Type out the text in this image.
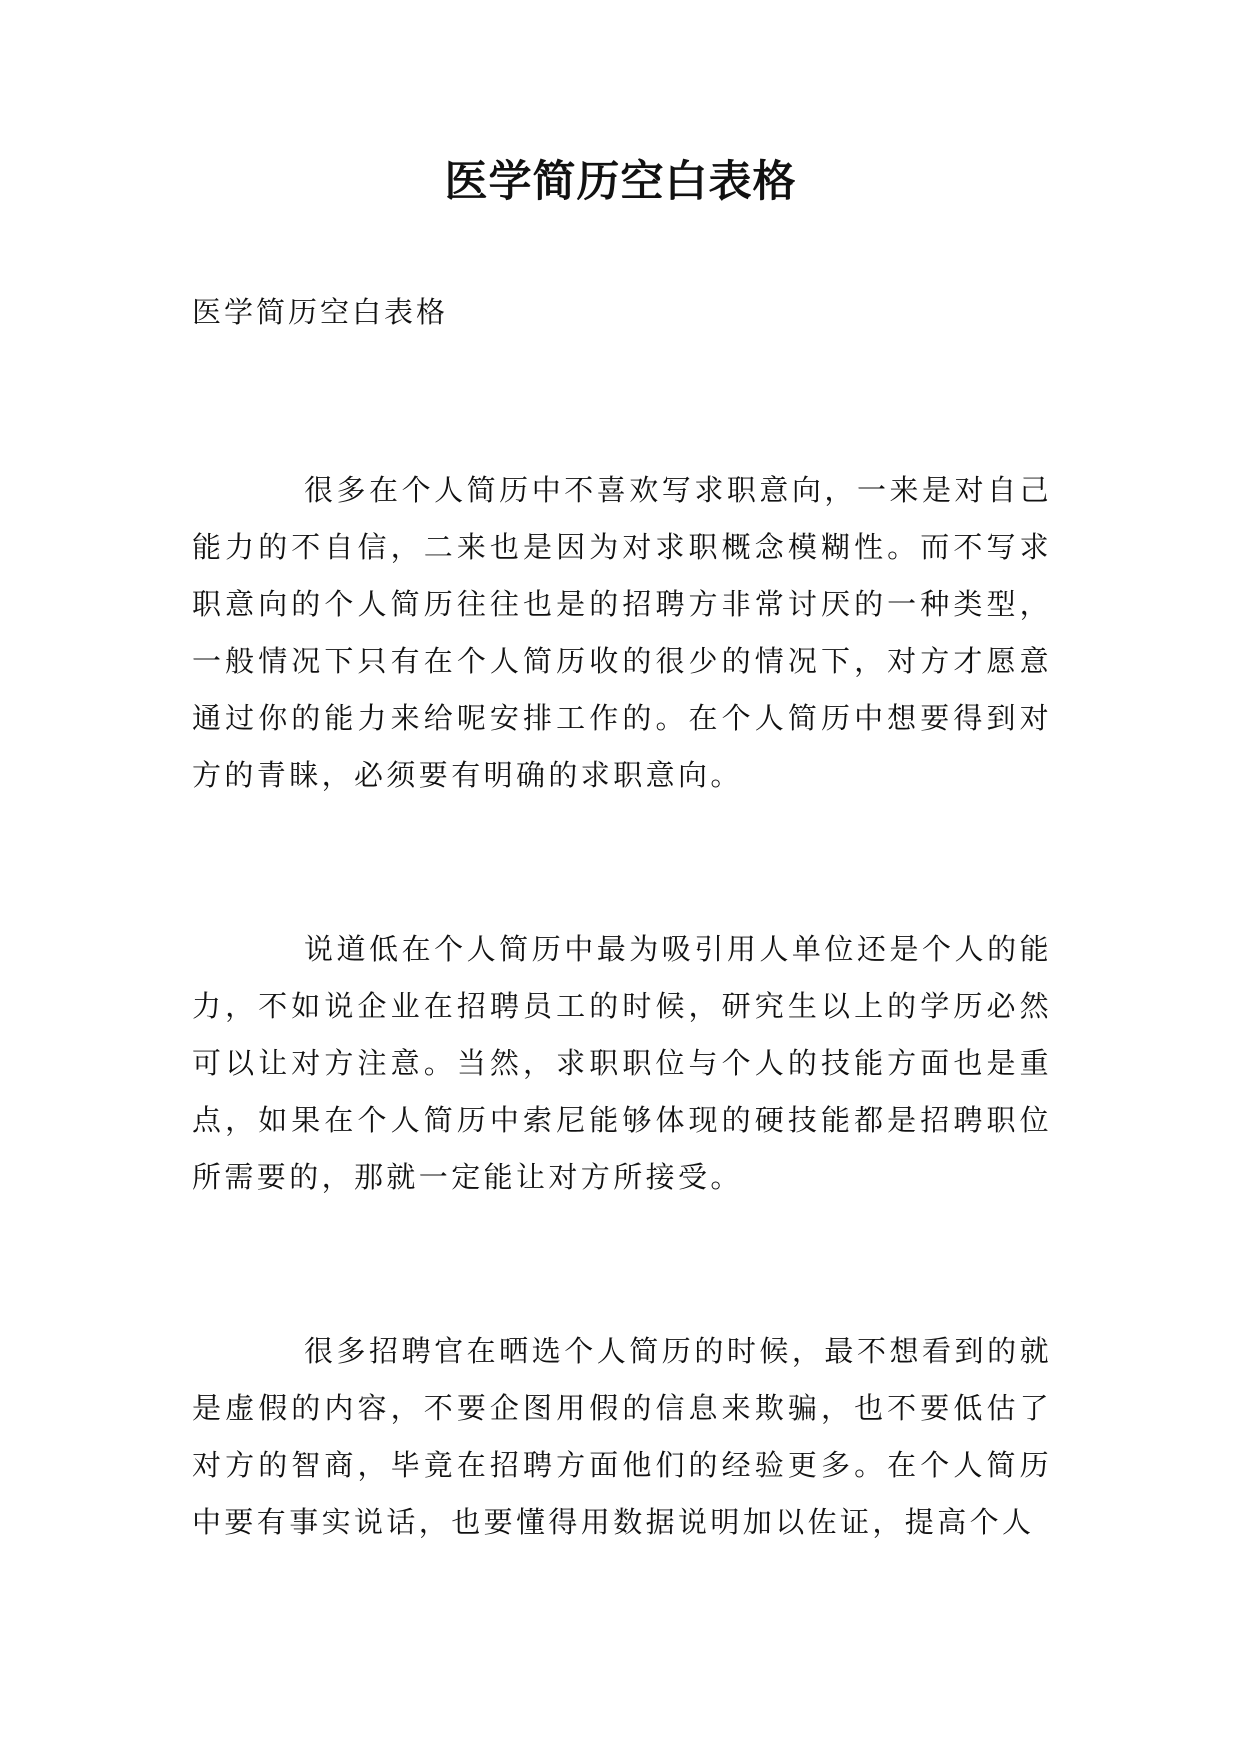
医学简历空白表格

医学简历空白表格

很多在个人简历中不喜欢写求职意向，一来是对自己能力的不自信，二来也是因为对求职概念模糊性。而不写求职意向的个人简历往往也是的招聘方非常讨厌的一种类型，一般情况下只有在个人简历收的很少的情况下，对方才愿意通过你的能力来给呢安排工作的。在个人简历中想要得到对方的青睐，必须要有明确的求职意向。

说道低在个人简历中最为吸引用人单位还是个人的能力，不如说企业在招聘员工的时候，研究生以上的学历必然可以让对方注意。当然，求职职位与个人的技能方面也是重点，如果在个人简历中索尼能够体现的硬技能都是招聘职位所需要的，那就一定能让对方所接受。

很多招聘官在晒选个人简历的时候，最不想看到的就是虚假的内容，不要企图用假的信息来欺骗，也不要低估了对方的智商，毕竟在招聘方面他们的经验更多。在个人简历中要有事实说话，也要懂得用数据说明加以佐证，提高个人
